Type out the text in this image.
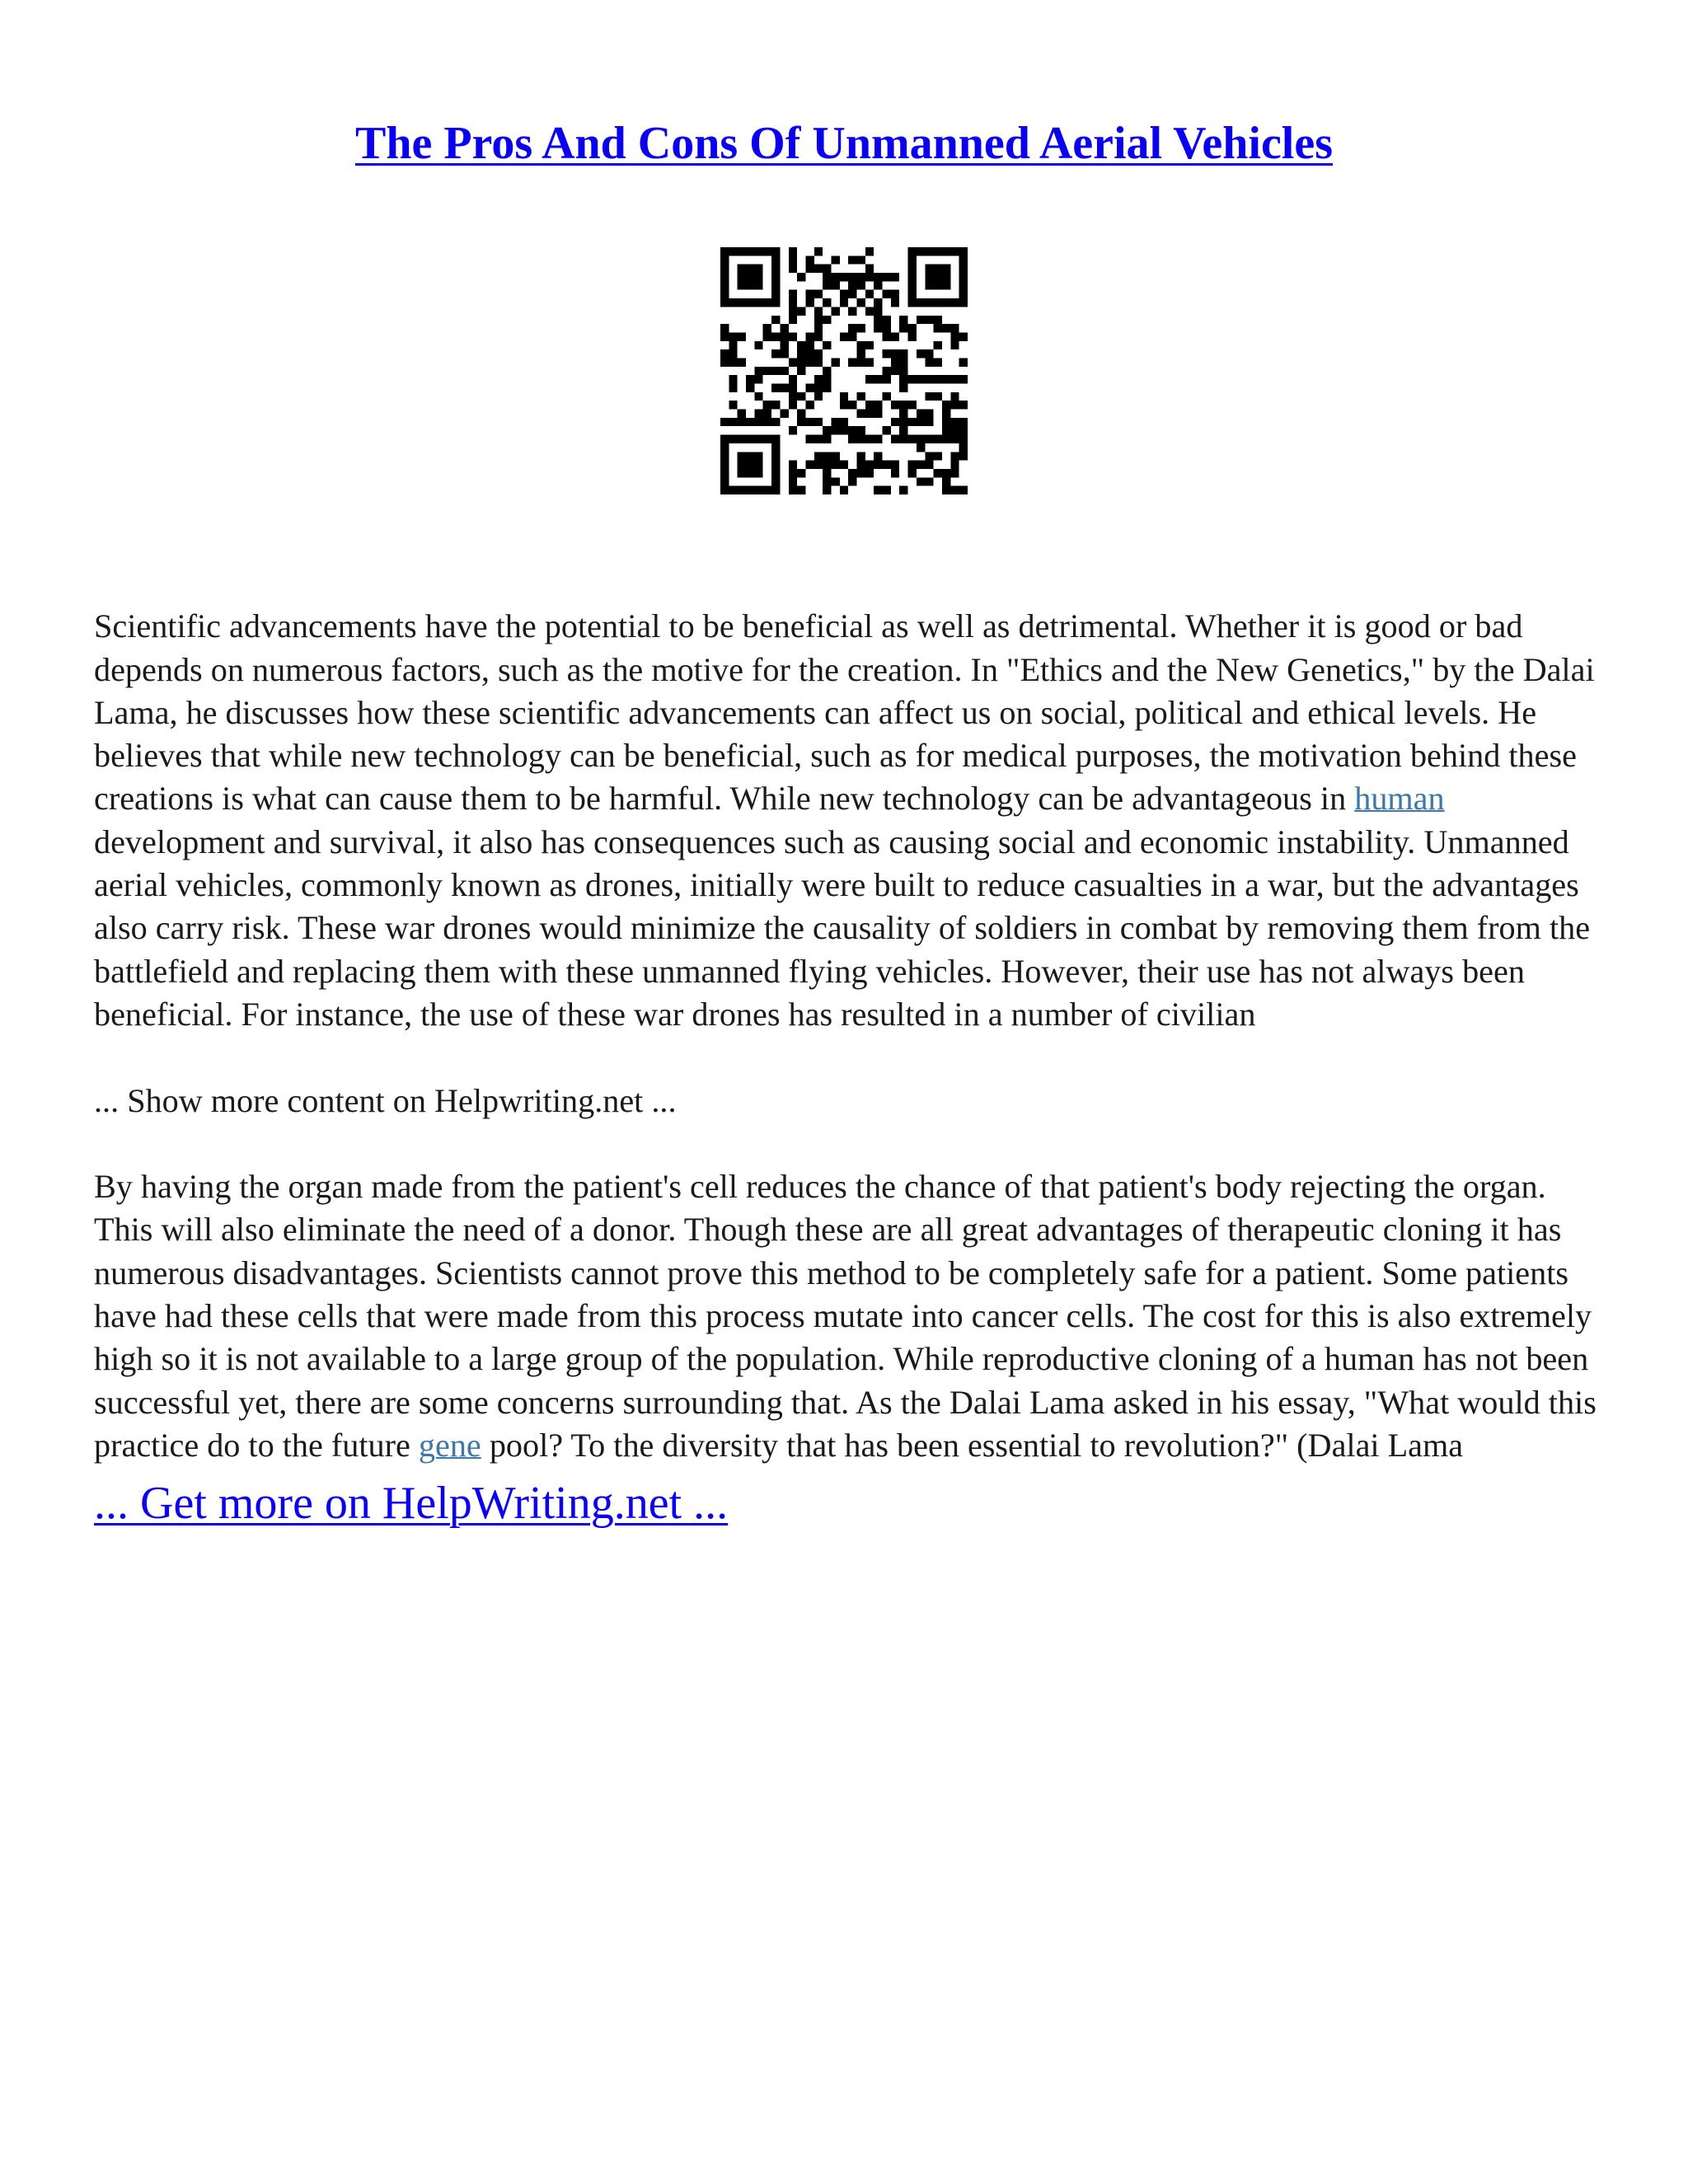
The Pros And Cons Of Unmanned Aerial Vehicles

Scientific advancements have the potential to be beneficial as well as detrimental. Whether it is good or bad depends on numerous factors, such as the motive for the creation. In "Ethics and the New Genetics," by the Dalai Lama, he discusses how these scientific advancements can affect us on social, political and ethical levels. He believes that while new technology can be beneficial, such as for medical purposes, the motivation behind these creations is what can cause them to be harmful. While new technology can be advantageous in human development and survival, it also has consequences such as causing social and economic instability. Unmanned aerial vehicles, commonly known as drones, initially were built to reduce casualties in a war, but the advantages also carry risk. These war drones would minimize the causality of soldiers in combat by removing them from the battlefield and replacing them with these unmanned flying vehicles. However, their use has not always been beneficial. For instance, the use of these war drones has resulted in a number of civilian

... Show more content on Helpwriting.net ...

By having the organ made from the patient's cell reduces the chance of that patient's body rejecting the organ. This will also eliminate the need of a donor. Though these are all great advantages of therapeutic cloning it has numerous disadvantages. Scientists cannot prove this method to be completely safe for a patient. Some patients have had these cells that were made from this process mutate into cancer cells. The cost for this is also extremely high so it is not available to a large group of the population. While reproductive cloning of a human has not been successful yet, there are some concerns surrounding that. As the Dalai Lama asked in his essay, "What would this practice do to the future gene pool? To the diversity that has been essential to revolution?" (Dalai Lama

... Get more on HelpWriting.net ...
